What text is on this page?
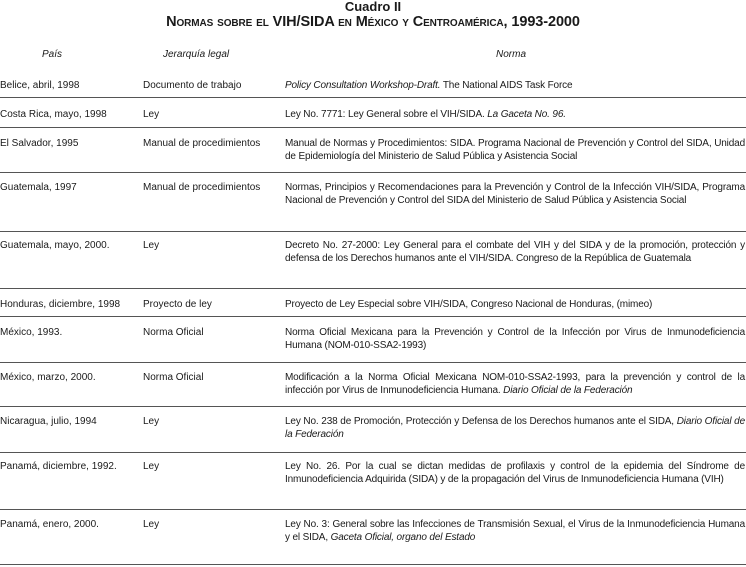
Cuadro II
Normas sobre el VIH/SIDA en México y Centroamérica, 1993-2000
País	Jerarquía legal	Norma
Belice, abril, 1998	Documento de trabajo	Policy Consultation Workshop-Draft. The National AIDS Task Force
Costa Rica, mayo, 1998	Ley	Ley No. 7771: Ley General sobre el VIH/SIDA. La Gaceta No. 96.
El Salvador, 1995	Manual de procedimientos	Manual de Normas y Procedimientos: SIDA. Programa Nacional de Prevención y Control del SIDA, Unidad de Epidemiología del Ministerio de Salud Pública y Asistencia Social
Guatemala, 1997	Manual de procedimientos	Normas, Principios y Recomendaciones para la Prevención y Control de la Infección VIH/SIDA, Programa Nacional de Prevención y Control del SIDA del Ministerio de Salud Pública y Asistencia Social
Guatemala, mayo, 2000.	Ley	Decreto No. 27-2000: Ley General para el combate del VIH y del SIDA y de la promoción, protección y defensa de los Derechos humanos ante el VIH/SIDA. Congreso de la República de Guatemala
Honduras, diciembre, 1998	Proyecto de ley	Proyecto de Ley Especial sobre VIH/SIDA, Congreso Nacional de Honduras, (mimeo)
México, 1993.	Norma Oficial	Norma Oficial Mexicana para la Prevención y Control de la Infección por Virus de Inmunodeficiencia Humana (NOM-010-SSA2-1993)
México, marzo, 2000.	Norma Oficial	Modificación a la Norma Oficial Mexicana NOM-010-SSA2-1993, para la prevención y control de la infección por Virus de Inmunodeficiencia Humana. Diario Oficial de la Federación
Nicaragua, julio, 1994	Ley	Ley No. 238 de Promoción, Protección y Defensa de los Derechos humanos ante el SIDA, Diario Oficial de la Federación
Panamá, diciembre, 1992.	Ley	Ley No. 26. Por la cual se dictan medidas de profilaxis y control de la epidemia del Síndrome de Inmunodeficiencia Adquirida (SIDA) y de la propagación del Virus de Inmunodeficiencia Humana (VIH)
Panamá, enero, 2000.	Ley	Ley No. 3: General sobre las Infecciones de Transmisión Sexual, el Virus de la Inmunodeficiencia Humana y el SIDA, Gaceta Oficial, organo del Estado
